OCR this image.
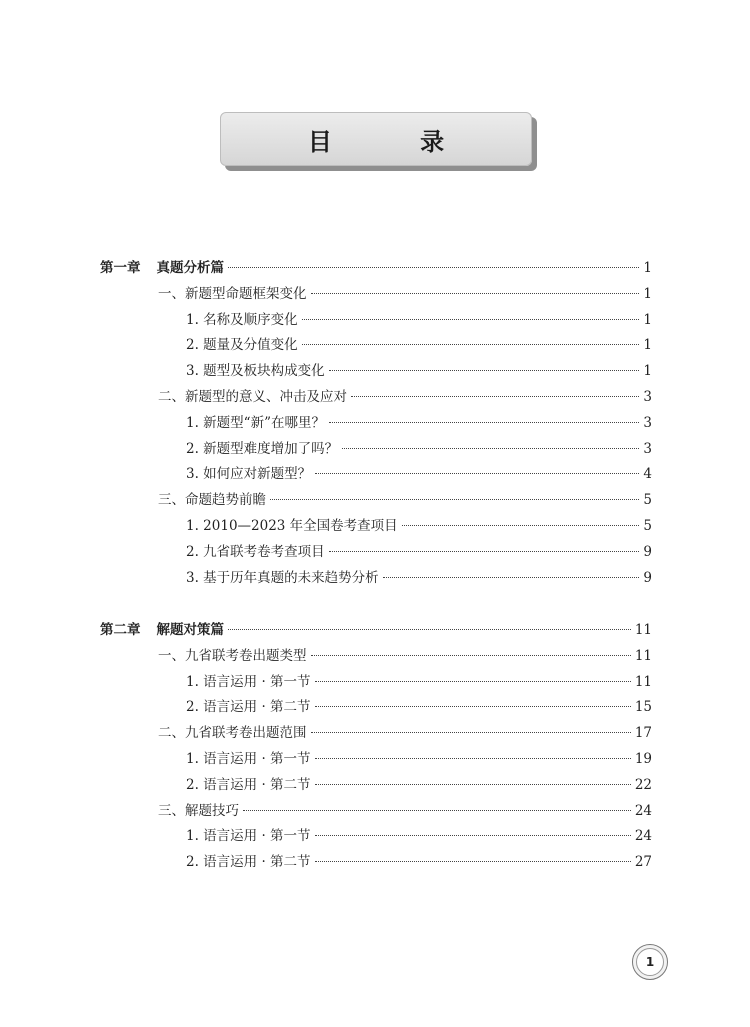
目 录
第一章 真题分析篇	1
一、新题型命题框架变化	1
1. 名称及顺序变化	1
2. 题量及分值变化	1
3. 题型及板块构成变化	1
二、新题型的意义、冲击及应对	3
1. 新题型“新”在哪里？	3
2. 新题型难度增加了吗？	3
3. 如何应对新题型？	4
三、命题趋势前瞻	5
1. 2010—2023 年全国卷考查项目	5
2. 九省联考卷考查项目	9
3. 基于历年真题的未来趋势分析	9
第二章 解题对策篇	11
一、九省联考卷出题类型	11
1. 语言运用 · 第一节	11
2. 语言运用 · 第二节	15
二、九省联考卷出题范围	17
1. 语言运用 · 第一节	19
2. 语言运用 · 第二节	22
三、解题技巧	24
1. 语言运用 · 第一节	24
2. 语言运用 · 第二节	27
1
